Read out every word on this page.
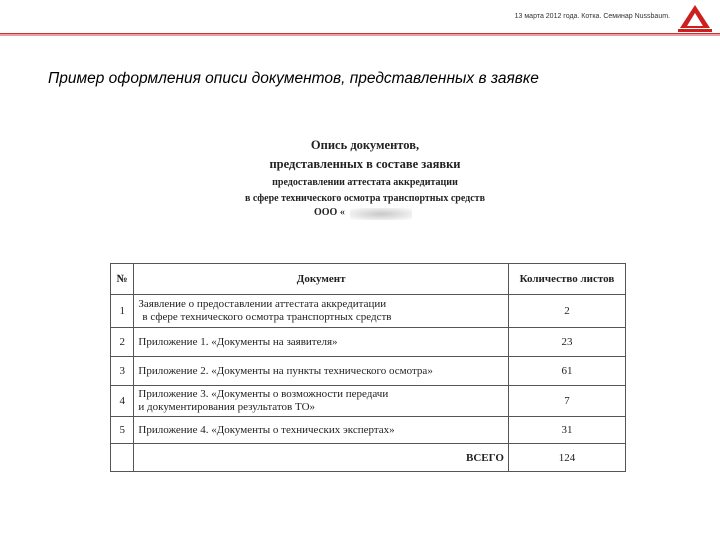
13 марта 2012 года. Котка. Семинар Nussbaum.
Пример оформления описи документов, представленных в заявке
Опись документов,
представленных в составе заявки
предоставлении аттестата аккредитации
в сфере технического осмотра транспортных средств
ООО «
№	Документ	Количество листов
1	Заявление о предоставлении аттестата аккредитации
в сфере технического осмотра транспортных средств	2
2	Приложение 1. «Документы на заявителя»	23
3	Приложение 2. «Документы на пункты технического осмотра»	61
4	Приложение 3. «Документы о возможности передачи
и документирования результатов ТО»	7
5	Приложение 4. «Документы о технических экспертах»	31
	ВСЕГО	124
